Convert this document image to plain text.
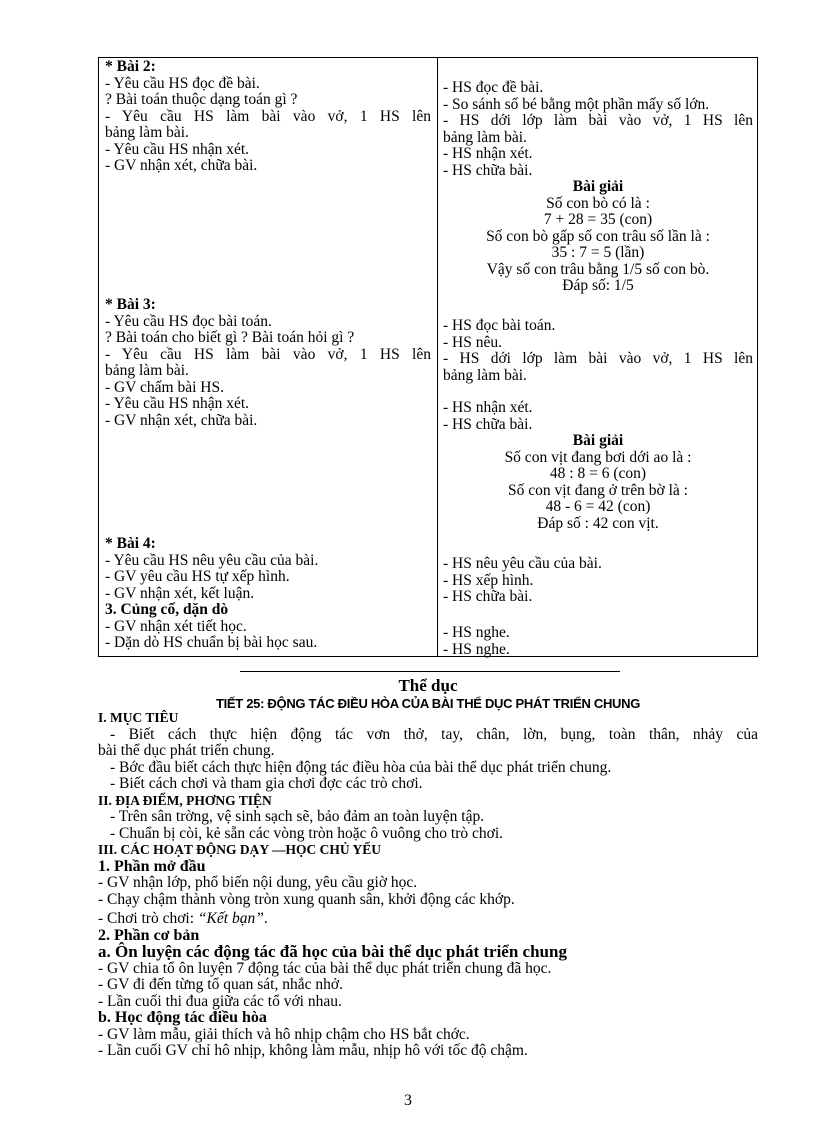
* Bài 2:
- Yêu cầu HS đọc đề bài.
? Bài toán thuộc dạng toán gì ?
- Yêu cầu HS làm bài vào vở, 1 HS lên
bảng làm bài.
- Yêu cầu HS nhận xét.
- GV nhận xét, chữa bài.
* Bài 3:
- Yêu cầu HS đọc bài toán.
? Bài toán cho biết gì ? Bài toán hỏi gì ?
- Yêu cầu HS làm bài vào vở, 1 HS lên
bảng làm bài.
- GV chấm bài HS.
- Yêu cầu HS nhận xét.
- GV nhận xét, chữa bài.
* Bài 4:
- Yêu cầu HS nêu yêu cầu của bài.
- GV yêu cầu HS tự xếp hình.
- GV nhận xét, kết luận.
3. Củng cố, dặn dò
- GV nhận xét tiết học.
- Dặn dò HS chuẩn bị bài học sau.
- HS đọc đề bài.
- So sánh số bé bằng một phần mấy số lớn.
- HS dới lớp làm bài vào vở, 1 HS lên
bảng làm bài.
- HS nhận xét.
- HS chữa bài.
Bài giải
Số con bò có là :
7 + 28 = 35 (con)
Số con bò gấp số con trâu số lần là :
35 : 7 = 5 (lần)
Vậy số con trâu bằng 1/5 số con bò.
Đáp số: 1/5
- HS đọc bài toán.
- HS nêu.
- HS dới lớp làm bài vào vở, 1 HS lên
bảng làm bài.
- HS nhận xét.
- HS chữa bài.
Bài giải
Số con vịt đang bơi dới ao là :
48 : 8 = 6 (con)
Số con vịt đang ở trên bờ là :
48 - 6 = 42 (con)
Đáp số : 42 con vịt.
- HS nêu yêu cầu của bài.
- HS xếp hình.
- HS chữa bài.
- HS nghe.
- HS nghe.
Thể dục
TIẾT 25: ĐỘNG TÁC ĐIỀU HÒA CỦA BÀI THỂ DỤC PHÁT TRIỂN CHUNG
I. MỤC TIÊU
- Biết cách thực hiện động tác vơn thở, tay, chân, lờn, bụng, toàn thân, nhảy của
bài thể dục phát triển chung.
- Bớc đầu biết cách thực hiện động tác điều hòa của bài thể dục phát triển chung.
- Biết cách chơi và tham gia chơi đợc các trò chơi.
II. ĐỊA ĐIỂM, PHƠNG TIỆN
- Trên sân trờng, vệ sinh sạch sẽ, bảo đảm an toàn luyện tập.
- Chuẩn bị còi, kẻ sẵn các vòng tròn hoặc ô vuông cho trò chơi.
III. CÁC HOẠT ĐỘNG DẠY —HỌC CHỦ YẾU
1. Phần mở đầu
- GV nhận lớp, phổ biến nội dung, yêu cầu giờ học.
- Chạy chậm thành vòng tròn xung quanh sân, khởi động các khớp.
- Chơi trò chơi: “Kết bạn”.
2. Phần cơ bản
a. Ôn luyện các động tác đã học của bài thể dục phát triển chung
- GV chia tổ ôn luyện 7 động tác của bài thể dục phát triển chung đã học.
- GV đi đến từng tổ quan sát, nhắc nhở.
- Lần cuối thi đua giữa các tổ với nhau.
b. Học động tác điều hòa
- GV làm mẫu, giải thích và hô nhịp chậm cho HS bắt chớc.
- Lần cuối GV chỉ hô nhịp, không làm mẫu, nhịp hô với tốc độ chậm.
3
